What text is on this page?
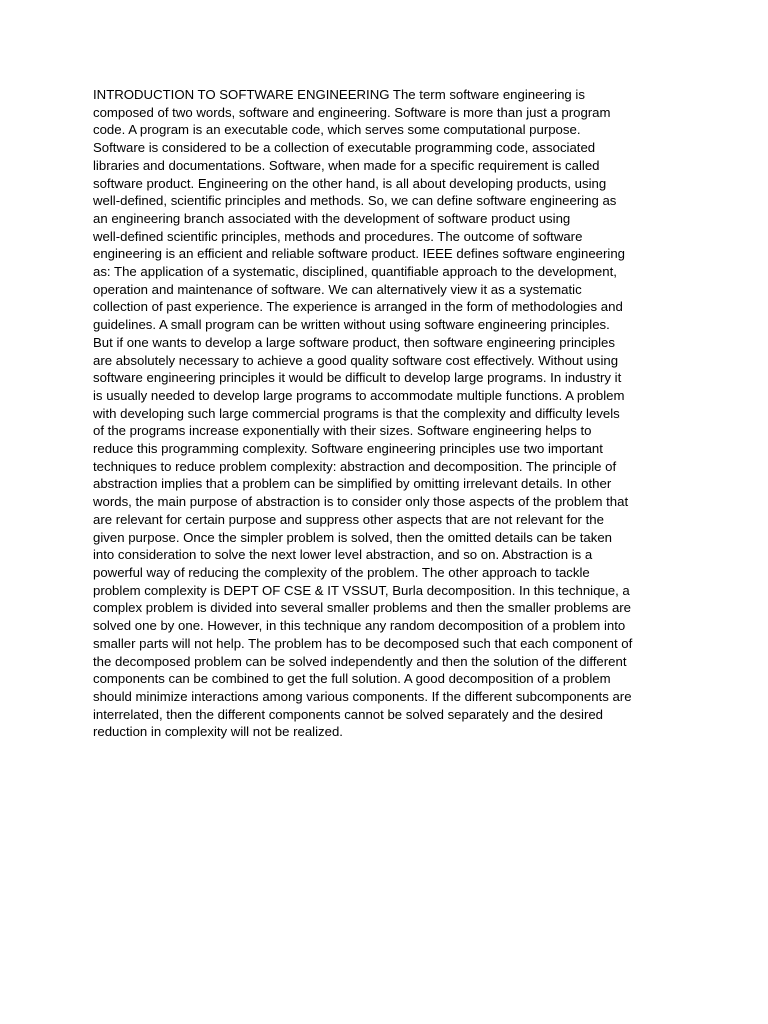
INTRODUCTION TO SOFTWARE ENGINEERING The term software engineering is
composed of two words, software and engineering. Software is more than just a program
code. A program is an executable code, which serves some computational purpose.
Software is considered to be a collection of executable programming code, associated
libraries and documentations. Software, when made for a specific requirement is called
software product. Engineering on the other hand, is all about developing products, using
well-defined, scientific principles and methods. So, we can define software engineering as
an engineering branch associated with the development of software product using
well-defined scientific principles, methods and procedures. The outcome of software
engineering is an efficient and reliable software product. IEEE defines software engineering
as: The application of a systematic, disciplined, quantifiable approach to the development,
operation and maintenance of software. We can alternatively view it as a systematic
collection of past experience. The experience is arranged in the form of methodologies and
guidelines. A small program can be written without using software engineering principles.
But if one wants to develop a large software product, then software engineering principles
are absolutely necessary to achieve a good quality software cost effectively. Without using
software engineering principles it would be difficult to develop large programs. In industry it
is usually needed to develop large programs to accommodate multiple functions. A problem
with developing such large commercial programs is that the complexity and difficulty levels
of the programs increase exponentially with their sizes. Software engineering helps to
reduce this programming complexity. Software engineering principles use two important
techniques to reduce problem complexity: abstraction and decomposition. The principle of
abstraction implies that a problem can be simplified by omitting irrelevant details. In other
words, the main purpose of abstraction is to consider only those aspects of the problem that
are relevant for certain purpose and suppress other aspects that are not relevant for the
given purpose. Once the simpler problem is solved, then the omitted details can be taken
into consideration to solve the next lower level abstraction, and so on. Abstraction is a
powerful way of reducing the complexity of the problem. The other approach to tackle
problem complexity is DEPT OF CSE & IT VSSUT, Burla decomposition. In this technique, a
complex problem is divided into several smaller problems and then the smaller problems are
solved one by one. However, in this technique any random decomposition of a problem into
smaller parts will not help. The problem has to be decomposed such that each component of
the decomposed problem can be solved independently and then the solution of the different
components can be combined to get the full solution. A good decomposition of a problem
should minimize interactions among various components. If the different subcomponents are
interrelated, then the different components cannot be solved separately and the desired
reduction in complexity will not be realized.
